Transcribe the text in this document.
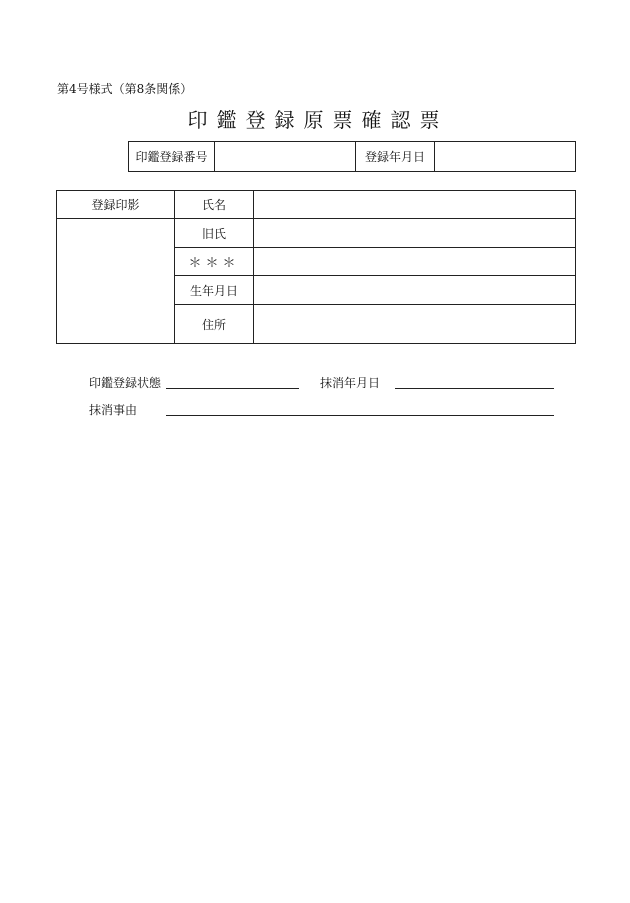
第4号様式（第8条関係）
印鑑登録原票確認票
印鑑登録番号		登録年月日	
登録印影	氏名	
	旧氏	
	＊＊＊	
	生年月日	
	住所	
印鑑登録状態	抹消年月日
抹消事由
